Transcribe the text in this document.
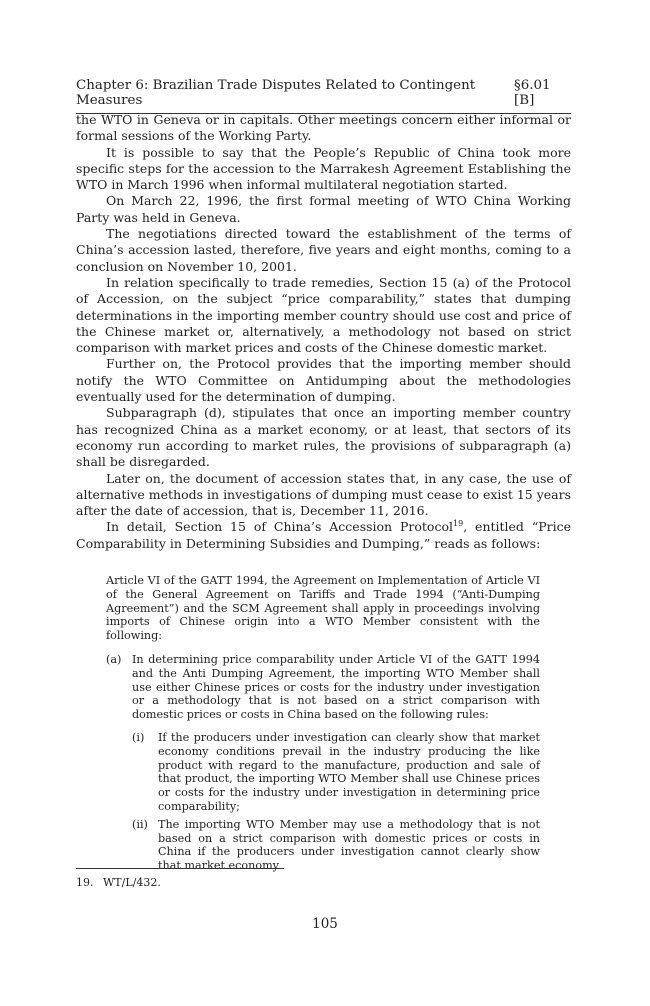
Chapter 6: Brazilian Trade Disputes Related to Contingent Measures
§6.01 [B]

the WTO in Geneva or in capitals. Other meetings concern either informal or formal sessions of the Working Party.

It is possible to say that the People’s Republic of China took more specific steps for the accession to the Marrakesh Agreement Establishing the WTO in March 1996 when informal multilateral negotiation started.

On March 22, 1996, the first formal meeting of WTO China Working Party was held in Geneva.

The negotiations directed toward the establishment of the terms of China’s accession lasted, therefore, five years and eight months, coming to a conclusion on November 10, 2001.

In relation specifically to trade remedies, Section 15 (a) of the Protocol of Accession, on the subject “price comparability,” states that dumping determinations in the importing member country should use cost and price of the Chinese market or, alternatively, a methodology not based on strict comparison with market prices and costs of the Chinese domestic market.

Further on, the Protocol provides that the importing member should notify the WTO Committee on Antidumping about the methodologies eventually used for the determination of dumping.

Subparagraph (d), stipulates that once an importing member country has recognized China as a market economy, or at least, that sectors of its economy run according to market rules, the provisions of subparagraph (a) shall be disregarded.

Later on, the document of accession states that, in any case, the use of alternative methods in investigations of dumping must cease to exist 15 years after the date of accession, that is, December 11, 2016.

In detail, Section 15 of China’s Accession Protocol$^{19}$, entitled “Price Comparability in Determining Subsidies and Dumping,” reads as follows:

Article VI of the GATT 1994, the Agreement on Implementation of Article VI of the General Agreement on Tariffs and Trade 1994 (“Anti-Dumping Agreement”) and the SCM Agreement shall apply in proceedings involving imports of Chinese origin into a WTO Member consistent with the following:

(a) In determining price comparability under Article VI of the GATT 1994 and the Anti Dumping Agreement, the importing WTO Member shall use either Chinese prices or costs for the industry under investigation or a methodology that is not based on a strict comparison with domestic prices or costs in China based on the following rules:
(i)	If the producers under investigation can clearly show that market economy conditions prevail in the industry producing the like product with regard to the manufacture, production and sale of that product, the importing WTO Member shall use Chinese prices or costs for the industry under investigation in determining price comparability;
(ii) The importing WTO Member may use a methodology that is not based on a strict comparison with domestic prices or costs in China if the producers under investigation cannot clearly show that market economy
19. WT/L/432.
105
